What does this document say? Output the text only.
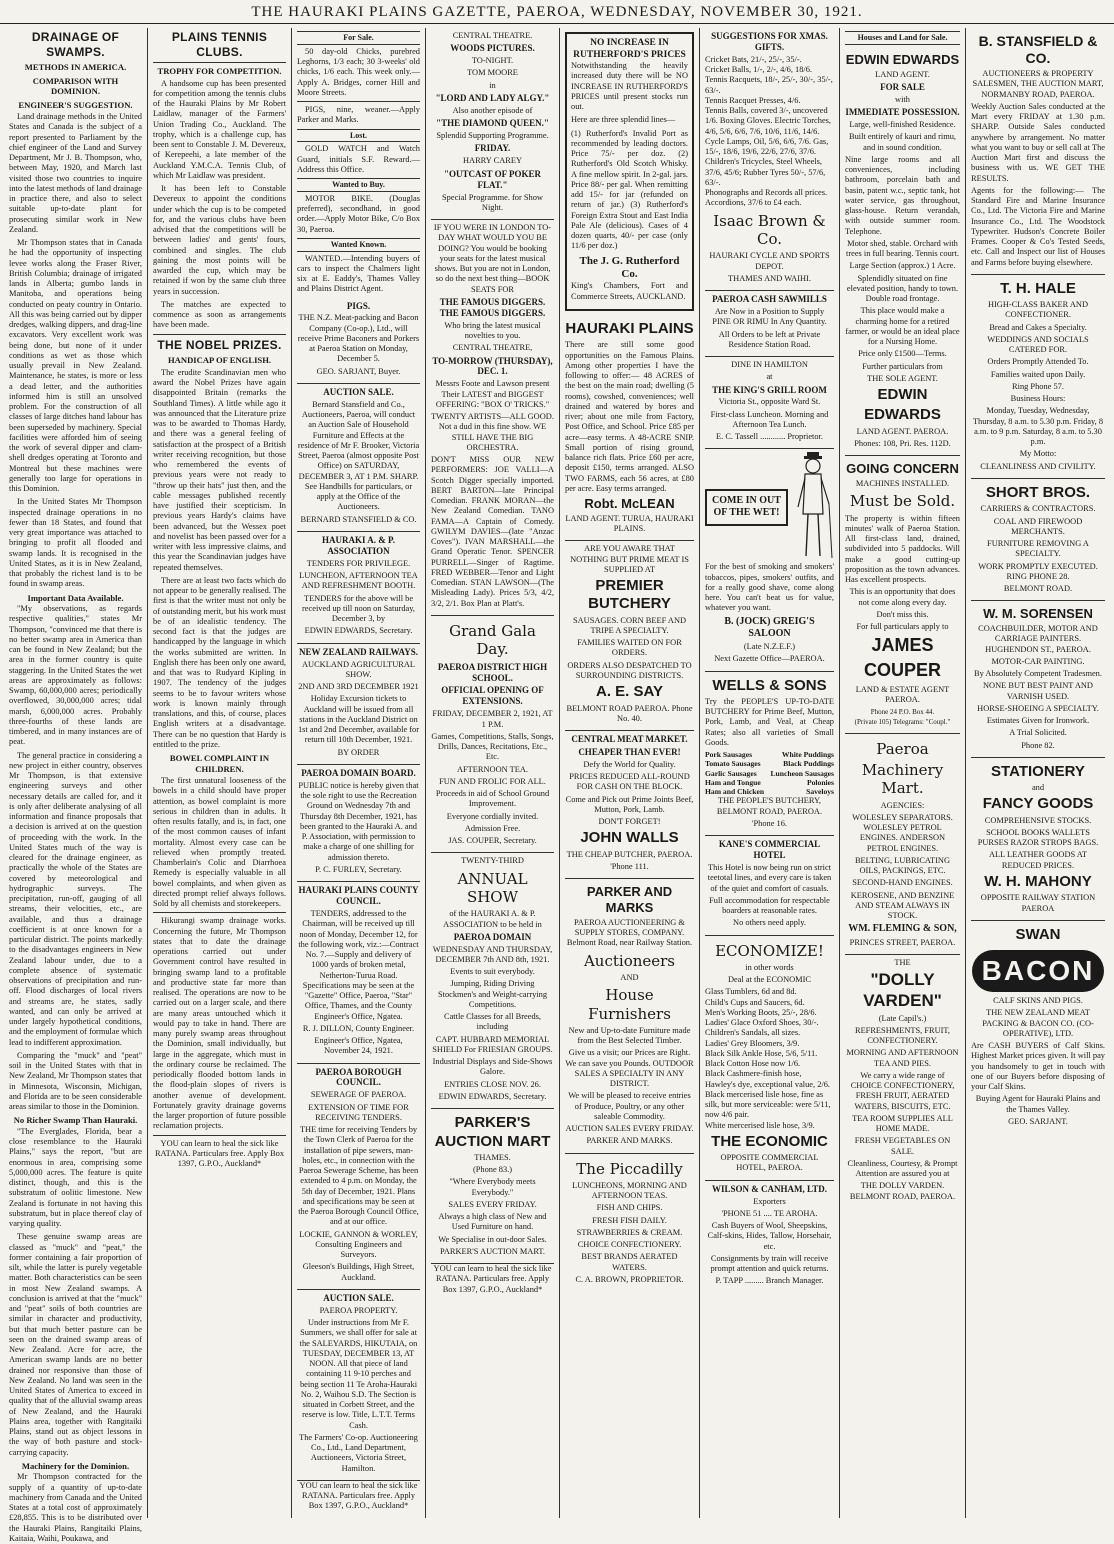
THE HAURAKI PLAINS GAZETTE, PAEROA, WEDNESDAY, NOVEMBER 30, 1921.
DRAINAGE OF SWAMPS.
METHODS IN AMERICA.
COMPARISON WITH DOMINION.
ENGINEER'S SUGGESTION.

Land drainage methods in the United States and Canada is the subject of a report presented to Parliament by the chief engineer of the Land and Survey Department, Mr J. B. Thompson, who, between May, 1920, and March last visited those two countries to inquire into the latest methods of land drainage in practice there, and also to select suitable up-to-date plant for prosecuting similar work in New Zealand.

Mr Thompson states that in Canada he had the opportunity of inspecting levee works along the Fraser River, British Columbia; drainage of irrigated lands in Alberta; gumbo lands in Manitoba, and operations being conducted on peaty country in Ontario. All this was being carried out by dipper dredges, walking dippers, and drag-line excavators. Very excellent work was being done, but none of it under conditions as wet as those which usually prevail in New Zealand. Maintenance, he states, is more or less a dead letter, and the authorities informed him is still an unsolved problem. For the construction of all classes of large ditches hand labour has been superseded by machinery. Special facilities were afforded him of seeing the work of several dipper and clam-shell dredges operating at Toronto and Montreal but these machines were generally too large for operations in this Dominion.

In the United States Mr Thompson inspected drainage operations in no fewer than 18 States, and found that very great importance was attached to bringing to profit all flooded and swamp lands. It is recognised in the United States, as it is in New Zealand, that probably the richest land is to be found in swamp areas.

Important Data Available.

"My observations, as regards respective qualities," states Mr Thompson, "convinced me that there is no better swamp area in America than can be found in New Zealand; but the area in the former country is quite staggering. In the United States the wet areas are approximately as follows: Swamp, 60,000,000 acres; periodically overflowed, 30,000,000 acres; tidal marsh, 6,000,000 acres. Probably three-fourths of these lands are timbered, and in many instances are of peat.

The general practice in considering a new project in either country, observes Mr Thompson, is that extensive engineering surveys and other necessary details are called for, and it is only after deliberate analysing of all information and finance proposals that a decision is arrived at on the question of proceeding with the work. In the United States much of the way is cleared for the drainage engineer, as practically the whole of the States are covered by meteorological and hydrographic surveys. The precipitation, run-off, gauging of all streams, their velocities, etc., are available, and thus a drainage coefficient is at once known for a particular district. The points markedly to the disadvantages engineers in New Zealand labour under, due to a complete absence of systematic observations of precipitation and run-off. Flood discharges of local rivers and streams are, he states, sadly wanted, and can only be arrived at under largely hypothetical conditions, and the employment of formulae which lead to indifferent approximation.

Comparing the "muck" and "peat" soil in the United States with that in New Zealand, Mr Thompson states that in Minnesota, Wisconsin, Michigan, and Florida are to be seen considerable areas similar to those in the Dominion.

No Richer Swamp Than Hauraki.

"The Everglades, Florida, bear a close resemblance to the Hauraki Plains," says the report, "but are enormous in area, comprising some 5,000,000 acres. The feature is quite distinct, though, and this is the substratum of oolitic limestone. New Zealand is fortunate in not having this substratum, but in place thereof clay of varying quality.

These genuine swamp areas are classed as "muck" and "peat," the former containing a fair proportion of silt, while the latter is purely vegetable matter. Both characteristics can be seen in most New Zealand swamps. A conclusion is arrived at that the "muck" and "peat" soils of both countries are similar in character and productivity, but that much better pasture can be seen on the drained swamp areas of New Zealand. Acre for acre, the American swamp lands are no better drained nor responsive than those of New Zealand. No land was seen in the United States of America to exceed in quality that of the alluvial swamp areas of New Zealand, and the Hauraki Plains area, together with Rangitaiki Plains, stand out as object lessons in the way of both pasture and stock-carrying capacity.

Machinery for the Dominion.

Mr Thompson contracted for the supply of a quantity of up-to-date machinery from Canada and the United States at a total cost of approximately £28,855. This is to be distributed over the Hauraki Plains, Rangitaiki Plains, Kaitaia, Waihi, Poukawa, and

PLAINS TENNIS CLUBS.
TROPHY FOR COMPETITION.

A handsome cup has been presented for competition among the tennis clubs of the Hauraki Plains by Mr Robert Laidlaw, manager of the Farmers' Union Trading Co., Auckland. The trophy, which is a challenge cup, has been sent to Constable J. M. Devereux, of Kerepeehi, a late member of the Auckland Y.M.C.A. Tennis Club, of which Mr Laidlaw was president.

It has been left to Constable Devereux to appoint the conditions under which the cup is to be competed for, and the various clubs have been advised that the competitions will be between ladies' and gents' fours, combined and singles. The club gaining the most points will be awarded the cup, which may be retained if won by the same club three years in succession.

The matches are expected to commence as soon as arrangements have been made.

THE NOBEL PRIZES.
HANDICAP OF ENGLISH.

The erudite Scandinavian men who award the Nobel Prizes have again disappointed Britain (remarks the Southland Times). A little while ago it was announced that the Literature prize was to be awarded to Thomas Hardy, and there was a general feeling of satisfaction at the prospect of a British writer receiving recognition, but those who remembered the events of previous years were not ready to "throw up their hats" just then, and the cable messages published recently have justified their scepticism. In previous years Hardy's claims have been advanced, but the Wessex poet and novelist has been passed over for a writer with less impressive claims, and this year the Scandinavian judges have repeated themselves.

There are at least two facts which do not appear to be generally realised. The first is that the writer must not only be of outstanding merit, but his work must be of an idealistic tendency. The second fact is that the judges are handicapped by the language in which the works submitted are written. In English there has been only one award, and that was to Rudyard Kipling in 1907. The tendency of the judges seems to be to favour writers whose work is known mainly through translations, and this, of course, places English writers at a disadvantage. There can be no question that Hardy is entitled to the prize.

BOWEL COMPLAINT IN CHILDREN.

The first unnatural looseness of the bowels in a child should have proper attention, as bowel complaint is more serious in children than in adults. It often results fatally, and is, in fact, one of the most common causes of infant mortality. Almost every case can be relieved when promptly treated. Chamberlain's Colic and Diarrhoea Remedy is especially valuable in all bowel complaints, and when given as directed prompt relief always follows. Sold by all chemists and storekeepers.

Hikurangi swamp drainage works. Concerning the future, Mr Thompson states that to date the drainage operations carried out under Government control have resulted in bringing swamp land to a profitable and productive state far more than realised. The operations are now to be carried out on a larger scale, and there are many areas untouched which it would pay to take in hand. There are many purely swamp areas throughout the Dominion, small individually, but large in the aggregate, which must in the ordinary course be reclaimed. The periodically flooded bottom lands in the flood-plain slopes of rivers is another avenue of development. Fortunately gravity drainage governs the larger proportion of future possible reclamation projects.

YOU can learn to heal the sick like RATANA. Particulars free. Apply Box 1397, G.P.O., Auckland*

For Sale.

50 day-old Chicks, purebred Leghorns, 1/3 each; 30 3-weeks' old chicks, 1/6 each. This week only.—Apply A. Bridges, corner Hill and Moore Streets.

PIGS, nine, weaner.—Apply Parker and Marks.

Lost.

GOLD WATCH and Watch Guard, initials S.F. Reward.—Address this Office.

Wanted to Buy.

MOTOR BIKE. (Douglas preferred), secondhand, in good order.—Apply Motor Bike, C/o Box 30, Paeroa.

Wanted Known.

WANTED.—Intending buyers of cars to inspect the Chalmers light six at E. Eaddy's, Thames Valley and Plains District Agent.

PIGS.

THE N.Z. Meat-packing and Bacon Company (Co-op.), Ltd., will receive Prime Baconers and Porkers at Paeroa Station on Monday, December 5.

GEO. SARJANT, Buyer.

AUCTION SALE.

Bernard Stansfield and Co., Auctioneers, Paeroa, will conduct an Auction Sale of Household Furniture and Effects at the residence of Mr F. Brooker, Victoria Street, Paeroa (almost opposite Post Office) on SATURDAY, DECEMBER 3, AT 1 P.M. SHARP. See Handbills for particulars, or apply at the Office of the Auctioneers.

BERNARD STANSFIELD & CO.

HAURAKI A. & P. ASSOCIATION

TENDERS FOR PRIVILEGE.

LUNCHEON, AFTERNOON TEA AND REFRESHMENT BOOTH.

TENDERS for the above will be received up till noon on Saturday, December 3, by

EDWIN EDWARDS, Secretary.

NEW ZEALAND RAILWAYS.

AUCKLAND AGRICULTURAL SHOW.

2ND AND 3RD DECEMBER 1921

Holiday Excursion tickets to Auckland will be issued from all stations in the Auckland District on 1st and 2nd December, available for return till 10th December, 1921.

BY ORDER

PAEROA DOMAIN BOARD.

PUBLIC notice is hereby given that the sole right to use the Recreation Ground on Wednesday 7th and Thursday 8th December, 1921, has been granted to the Hauraki A. and P. Association, with permission to make a charge of one shilling for admission thereto.

P. C. FURLEY, Secretary.

HAURAKI PLAINS COUNTY COUNCIL.

TENDERS, addressed to the Chairman, will be received up till noon of Monday, December 12, for the following work, viz.:—Contract No. 7.—Supply and delivery of 1000 yards of broken metal, Netherton-Turua Road. Specifications may be seen at the "Gazette" Office, Paeroa, "Star" Office, Thames, and the County Engineer's Office, Ngatea.

R. J. DILLON, County Engineer.

Engineer's Office, Ngatea, November 24, 1921.

PAEROA BOROUGH COUNCIL.

SEWERAGE OF PAEROA.

EXTENSION OF TIME FOR RECEIVING TENDERS.

THE time for receiving Tenders by the Town Clerk of Paeroa for the installation of pipe sewers, man-holes, etc., in connection with the Paeroa Sewerage Scheme, has been extended to 4 p.m. on Monday, the 5th day of December, 1921. Plans and specifications may be seen at the Paeroa Borough Council Office, and at our office.

LOCKIE, GANNON & WORLEY, Consulting Engineers and Surveyors.

Gleeson's Buildings, High Street, Auckland.

AUCTION SALE.

PAEROA PROPERTY.

Under instructions from Mr F. Summers, we shall offer for sale at the SALEYARDS, HIKUTAIA, on TUESDAY, DECEMBER 13, AT NOON. All that piece of land containing 11 9-10 perches and being section 11 Te Aroha-Hauraki No. 2, Waihou S.D. The Section is situated in Corbett Street, and the reserve is low. Title, L.T.T. Terms Cash.

The Farmers' Co-op. Auctioneering Co., Ltd., Land Department, Auctioneers, Victoria Street, Hamilton.

YOU can learn to heal the sick like RATANA. Particulars free. Apply Box 1397, G.P.O., Auckland*

CENTRAL THEATRE.

WOODS PICTURES.

TO-NIGHT.

TOM MOORE

in

"LORD AND LADY ALGY."

Also another episode of

"THE DIAMOND QUEEN."

Splendid Supporting Programme.

FRIDAY.

HARRY CAREY

"OUTCAST OF POKER FLAT."

Special Programme. for Show Night.

IF YOU WERE IN LONDON TO-DAY WHAT WOULD YOU BE DOING? You would be booking your seats for the latest musical shows. But you are not in London, so do the next best thing—BOOK SEATS FOR

THE FAMOUS DIGGERS. THE FAMOUS DIGGERS.

Who bring the latest musical novelties to you.

CENTRAL THEATRE,

TO-MORROW (THURSDAY), DEC. 1.

Messrs Foote and Lawson present Their LATEST and BIGGEST OFFERING: "BOX O' TRICKS."

TWENTY ARTISTS—ALL GOOD. Not a dud in this fine show. WE STILL HAVE THE BIG ORCHESTRA.

DON'T MISS OUR NEW PERFORMERS: JOE VALLI—A Scotch Digger specially imported. BERT BARTON—late Principal Comedian. FRANK MORAN—the New Zealand Comedian. TANO FAMA—A Captain of Comedy. GWILYM DAVIES—(late "Anzac Coves"). IVAN MARSHALL—the Grand Operatic Tenor. SPENCER PURRELL—Singer of Ragtime. FRED WEBBER—Tenor and Light Comedian. STAN LAWSON—(The Misleading Lady). Prices 5/3, 4/2, 3/2, 2/1. Box Plan at Platt's.

Grand Gala Day.
PAEROA DISTRICT HIGH SCHOOL.
OFFICIAL OPENING OF EXTENSIONS.

FRIDAY, DECEMBER 2, 1921, AT 1 P.M.

Games, Competitions, Stalls, Songs, Drills, Dances, Recitations, Etc., Etc.

AFTERNOON TEA.

FUN AND FROLIC FOR ALL.

Proceeds in aid of School Ground Improvement.

Everyone cordially invited.

Admission Free.

JAS. COUPER, Secretary.

TWENTY-THIRD

ANNUAL SHOW

of the HAURAKI A. & P. ASSOCIATION to be held in

PAEROA DOMAIN

WEDNESDAY AND THURSDAY, DECEMBER 7th AND 8th, 1921.

Events to suit everybody.

Jumping, Riding Driving Stockmen's and Weight-carrying Competitions.

Cattle Classes for all Breeds, including

CAPT. HUBBARD MEMORIAL SHIELD For FRIESIAN GROUPS.

Industrial Displays and Side-Shows Galore.

ENTRIES CLOSE NOV. 26.

EDWIN EDWARDS, Secretary.

PARKER'S AUCTION MART

THAMES.

(Phone 83.)

"Where Everybody meets Everybody."

SALES EVERY FRIDAY.

Always a high class of New and Used Furniture on hand.

We Specialise in out-door Sales.

PARKER'S AUCTION MART.

YOU can learn to heal the sick like RATANA. Particulars free. Apply Box 1397, G.P.O., Auckland*

NO INCREASE IN RUTHERFORD'S PRICES

Notwithstanding the heavily increased duty there will be NO INCREASE IN RUTHERFORD'S PRICES until present stocks run out.

Here are three splendid lines—

(1) Rutherford's Invalid Port as recommended by leading doctors. Price 75/- per doz. (2) Rutherford's Old Scotch Whisky. A fine mellow spirit. In 2-gal. jars. Price 88/- per gal. When remitting add 15/- for jar (refunded on return of jar.) (3) Rutherford's Foreign Extra Stout and East India Pale Ale (delicious). Cases of 4 dozen quarts, 40/- per case (only 11/6 per doz.)

The J. G. Rutherford Co.

King's Chambers, Fort and Commerce Streets, AUCKLAND.

HAURAKI PLAINS

There are still some good opportunities on the Famous Plains. Among other properties I have the following to offer:— 48 ACRES of the best on the main road; dwelling (5 rooms), cowshed, conveniences; well drained and watered by bores and river; about one mile from Factory, Post Office, and School. Price £85 per acre—easy terms. A 48-ACRE SNIP. Small portion of rising ground, balance rich flats. Price £60 per acre, deposit £150, terms arranged. ALSO TWO FARMS, each 56 acres, at £80 per acre. Easy terms arranged.

Robt. McLEAN

LAND AGENT. TURUA, HAURAKI PLAINS.

ARE YOU AWARE THAT NOTHING BUT PRIME MEAT IS SUPPLIED AT

PREMIER BUTCHERY

SAUSAGES. CORN BEEF AND TRIPE A SPECIALTY.

FAMILIES WAITED ON FOR ORDERS.

ORDERS ALSO DESPATCHED TO SURROUNDING DISTRICTS.

A. E. SAY

BELMONT ROAD PAEROA. Phone No. 40.

CENTRAL MEAT MARKET.
CHEAPER THAN EVER!

Defy the World for Quality.

PRICES REDUCED ALL-ROUND FOR CASH ON THE BLOCK.

Come and Pick out Prime Joints Beef, Mutton, Pork, Lamb.

DON'T FORGET!

JOHN WALLS

THE CHEAP BUTCHER, PAEROA.

'Phone 111.

PARKER AND MARKS

PAEROA AUCTIONEERING & SUPPLY STORES, COMPANY. Belmont Road, near Railway Station.

Auctioneers

AND

House Furnishers

New and Up-to-date Furniture made from the Best Selected Timber.

Give us a visit; our Prices are Right. We can save you Pounds. OUTDOOR SALES A SPECIALTY IN ANY DISTRICT.

We will be pleased to receive entries of Produce, Poultry, or any other saleable Commodity.

AUCTION SALES EVERY FRIDAY.

PARKER AND MARKS.

The Piccadilly

LUNCHEONS, MORNING AND AFTERNOON TEAS.

FISH AND CHIPS.

FRESH FISH DAILY.

STRAWBERRIES & CREAM.

CHOICE CONFECTIONERY.

BEST BRANDS AERATED WATERS.

C. A. BROWN, PROPRIETOR.

SUGGESTIONS FOR XMAS. GIFTS.
Cricket Bats, 21/-, 25/-, 35/-.
Cricket Balls, 1/-, 2/-, 4/6, 18/6.
Tennis Racquets, 18/-, 25/-, 30/-, 35/-, 63/-.
Tennis Racquet Presses, 4/6.
Tennis Balls, covered 3/-, uncovered 1/6. Boxing Gloves. Electric Torches, 4/6, 5/6, 6/6, 7/6, 10/6, 11/6, 14/6.
Cycle Lamps, Oil, 5/6, 6/6, 7/6. Gas, 15/-, 18/6, 19/6, 22/6, 27/6, 37/6.
Children's Tricycles, Steel Wheels, 37/6, 45/6; Rubber Tyres 50/-, 57/6, 63/-.
Phonographs and Records all prices.
Accordions, 37/6 to £4 each.
Isaac Brown & Co.

HAURAKI CYCLE AND SPORTS DEPOT.

THAMES AND WAIHI.

PAEROA CASH SAWMILLS

Are Now in a Position to Supply PINE OR RIMU In Any Quantity.

All Orders to be left at Private Residence Station Road.

DINE IN HAMILTON

at

THE KING'S GRILL ROOM

Victoria St., opposite Ward St.

First-class Luncheon. Morning and Afternoon Tea Lunch.

E. C. Tassell ............ Proprietor.

COME IN OUT OF THE WET!

For the best of smoking and smokers' tobaccos, pipes, smokers' outfits, and for a really good shave, come along here. You can't beat us for value, whatever you want.

B. (JOCK) GREIG'S SALOON

(Late N.Z.E.F.)

Next Gazette Office—PAEROA.

WELLS & SONS

Try the PEOPLE'S UP-TO-DATE BUTCHERY for Prime Beef, Mutton, Pork, Lamb, and Veal, at Cheap Rates; also all varieties of Small Goods.

Pork Sausages	White Puddings
Tomato Sausages	Black Puddings
Garlic Sausages Luncheon Sausages
Ham and Tongue	Polonies
Ham and Chicken	Saveloys

THE PEOPLE'S BUTCHERY, BELMONT ROAD, PAEROA.

'Phone 16.

KANE'S COMMERCIAL HOTEL

This Hotel is now being run on strict teetotal lines, and every care is taken of the quiet and comfort of casuals.

Full accommodation for respectable boarders at reasonable rates.

No others need apply.

ECONOMIZE!

in other words

Deal at the ECONOMIC

Glass Tumblers, 6d and 8d.
Child's Cups and Saucers, 6d.
Men's Working Boots, 25/-, 28/6.
Ladies' Glace Oxford Shoes, 30/-.
Children's Sandals, all sizes.
Ladies' Grey Bloomers, 3/9.
Black Silk Ankle Hose, 5/6, 5/11.
Black Cotton Hose now 1/6.
Black Cashmere-finish hose, Hawley's dye, exceptional value, 2/6.
Black mercerised lisle hose, fine as silk, but more serviceable: were 5/11, now 4/6 pair.
White mercerised lisle hose, 3/9.
THE ECONOMIC

OPPOSITE COMMERCIAL HOTEL, PAEROA.

WILSON & CANHAM, LTD.

Exporters

'PHONE 51 .... TE AROHA.

Cash Buyers of Wool, Sheepskins, Calf-skins, Hides, Tallow, Horsehair, etc.

Consignments by train will receive prompt attention and quick returns.

P. TAPP ......... Branch Manager.

Houses and Land for Sale.
EDWIN EDWARDS

LAND AGENT.

FOR SALE

with

IMMEDIATE POSSESSION.

Large, well-finished Residence.

Built entirely of kauri and rimu, and in sound condition.

Nine large rooms and all conveniences, including bathroom, porcelain bath and basin, patent w.c., septic tank, hot water service, gas throughout, glass-house. Return verandah, with outside summer room. Telephone.

Motor shed, stable. Orchard with trees in full bearing. Tennis court.

Large Section (approx.) 1 Acre.

Splendidly situated on fine elevated position, handy to town. Double road frontage.

This place would make a charming home for a retired farmer, or would be an ideal place for a Nursing Home.

Price only £1500—Terms.

Further particulars from

THE SOLE AGENT.

EDWIN
EDWARDS

LAND AGENT. PAEROA.

Phones: 108, Pri. Res. 112D.

GOING CONCERN

MACHINES INSTALLED.

Must be Sold.

The property is within fifteen minutes' walk of Paeroa Station. All first-class land, drained, subdivided into 5 paddocks. Will make a good cutting-up proposition as the town advances. Has excellent prospects.

This is an opportunity that does not come along every day.

Don't miss this.

For full particulars apply to

JAMES
COUPER

LAND & ESTATE AGENT PAEROA.

Phone 24 P.O. Box 44.

(Private 105) Telegrams: "Coupl."

Paeroa
Machinery Mart.

AGENCIES:

WOLESLEY SEPARATORS. WOLESLEY PETROL ENGINES. ANDERSON PETROL ENGINES.

BELTING, LUBRICATING OILS, PACKINGS, ETC.

SECOND-HAND ENGINES.

KEROSENE, AND BENZINE AND STEAM ALWAYS IN STOCK.

WM. FLEMING & SON,

PRINCES STREET, PAEROA.

THE

"DOLLY VARDEN"

(Late Capil's.)

REFRESHMENTS, FRUIT, CONFECTIONERY.

MORNING AND AFTERNOON TEA AND PIES.

We carry a wide range of CHOICE CONFECTIONERY, FRESH FRUIT, AERATED WATERS, BISCUITS, ETC.

TEA ROOM SUPPLIES ALL HOME MADE.

FRESH VEGETABLES ON SALE.

Cleanliness, Courtesy, & Prompt Attention are assured you at

THE DOLLY VARDEN. BELMONT ROAD, PAEROA.

B. STANSFIELD & CO.

AUCTIONEERS & PROPERTY SALESMEN, THE AUCTION MART, NORMANBY ROAD, PAEROA.

Weekly Auction Sales conducted at the Mart every FRIDAY at 1.30 p.m. SHARP. Outside Sales conducted anywhere by arrangement. No matter what you want to buy or sell call at The Auction Mart first and discuss the business with us. WE GET THE RESULTS.

Agents for the following:— The Standard Fire and Marine Insurance Co., Ltd. The Victoria Fire and Marine Insurance Co., Ltd. The Woodstock Typewriter. Hudson's Concrete Boiler Frames. Cooper & Co's Tested Seeds, etc. Call and Inspect our list of Houses and Farms before buying elsewhere.

T. H. HALE

HIGH-CLASS BAKER AND CONFECTIONER.

Bread and Cakes a Specialty.

WEDDINGS AND SOCIALS CATERED FOR.

Orders Promptly Attended To.

Families waited upon Daily.

Ring Phone 57.

Business Hours:

Monday, Tuesday, Wednesday, Thursday, 8 a.m. to 5.30 p.m. Friday, 8 a.m. to 9 p.m. Saturday, 8 a.m. to 5.30 p.m.

My Motto:

CLEANLINESS AND CIVILITY.

SHORT BROS.

CARRIERS & CONTRACTORS.

COAL AND FIREWOOD MERCHANTS.

FURNITURE REMOVING A SPECIALTY.

WORK PROMPTLY EXECUTED. RING PHONE 28.

BELMONT ROAD.

W. M. SORENSEN

COACHBUILDER, MOTOR AND CARRIAGE PAINTERS. HUGHENDON ST., PAEROA.

MOTOR-CAR PAINTING.

By Absolutely Competent Tradesmen.

NONE BUT BEST PAINT AND VARNISH USED.

HORSE-SHOEING A SPECIALTY.

Estimates Given for Ironwork.

A Trial Solicited.

Phone 82.

STATIONERY

and

FANCY GOODS

COMPREHENSIVE STOCKS.

SCHOOL BOOKS WALLETS PURSES RAZOR STROPS BAGS.

ALL LEATHER GOODS AT REDUCED PRICES.

W. H. MAHONY

OPPOSITE RAILWAY STATION PAEROA

SWAN
BACON

CALF SKINS AND PIGS.

THE NEW ZEALAND MEAT PACKING & BACON CO. (CO-OPERATIVE), LTD.

Are CASH BUYERS of Calf Skins. Highest Market prices given. It will pay you handsomely to get in touch with one of our Buyers before disposing of your Calf Skins.

Buying Agent for Hauraki Plains and the Thames Valley.

GEO. SARJANT.
